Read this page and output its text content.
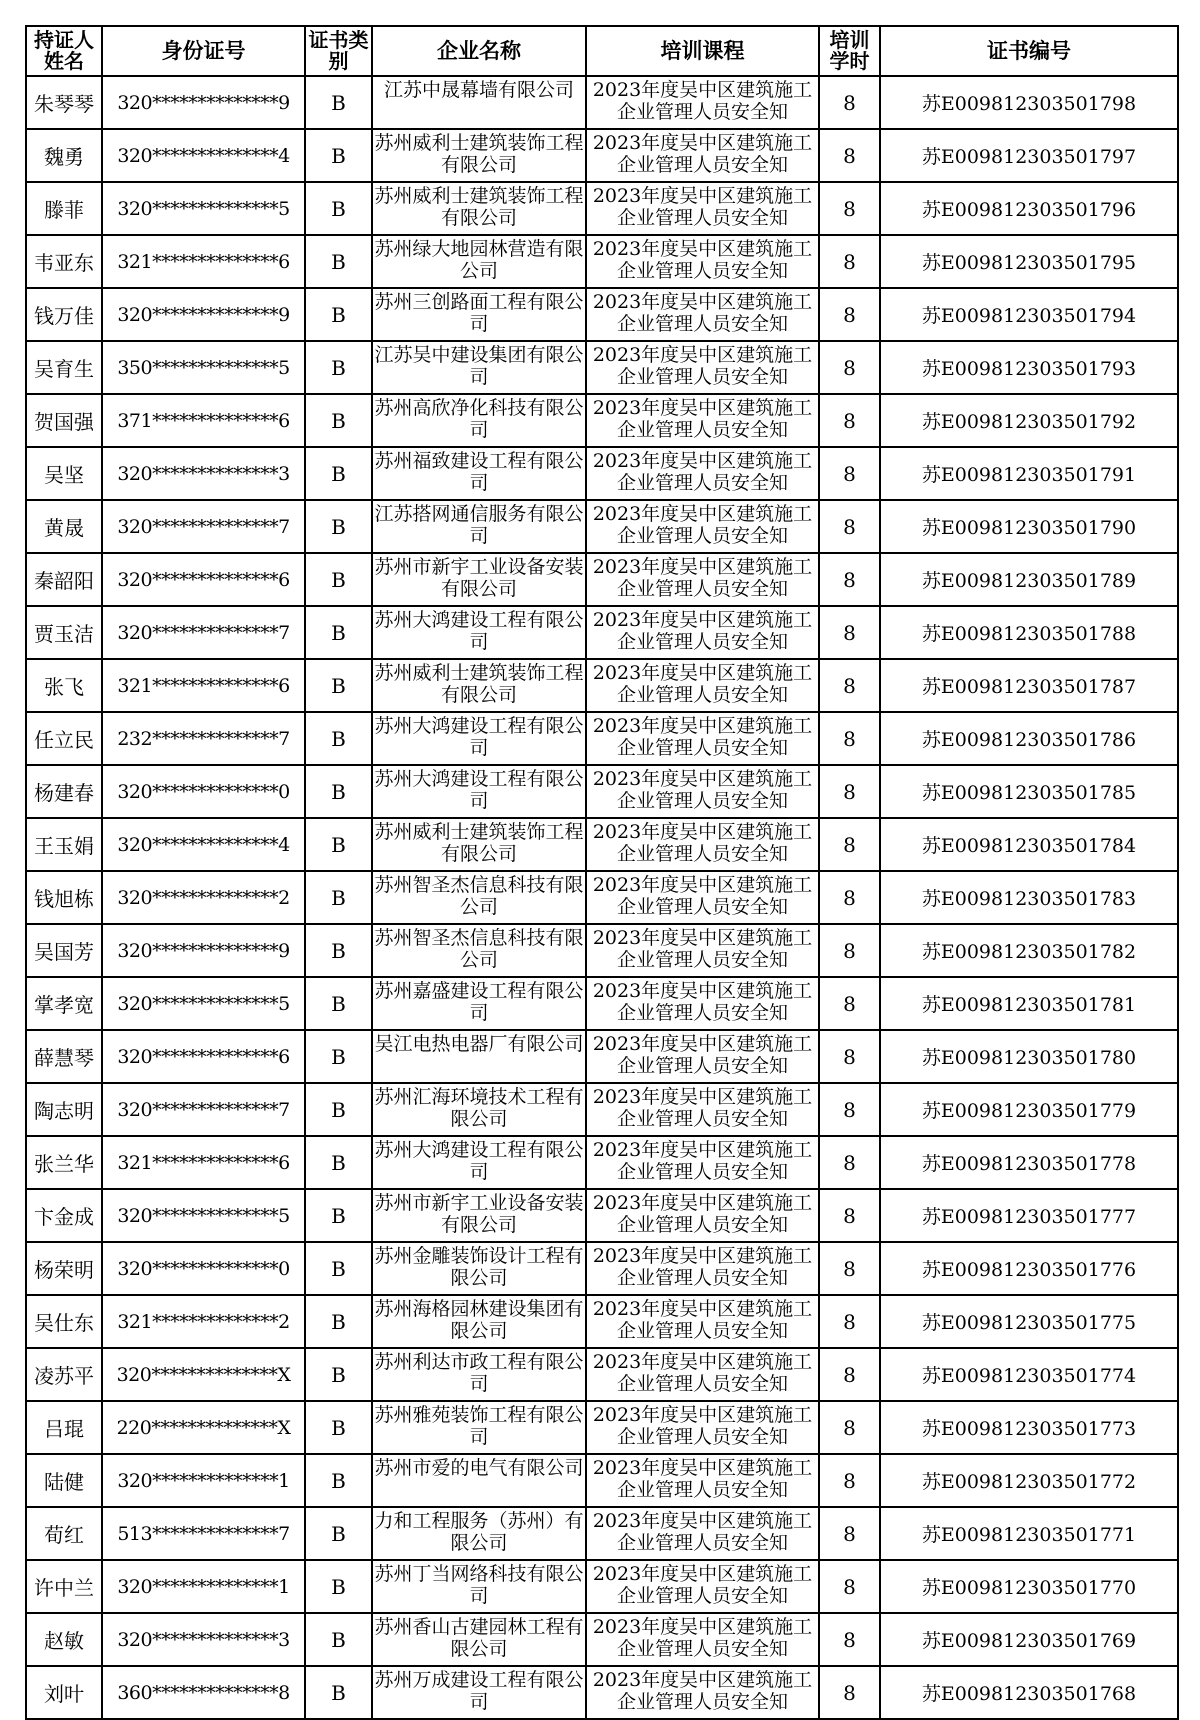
持证人姓名	身份证号	证书类别	企业名称	培训课程	培训学时	证书编号
朱琴琴	320**************9	B	江苏中晟幕墙有限公司	2023年度吴中区建筑施工企业管理人员安全知	8	苏E009812303501798
魏勇	320**************4	B	苏州威利士建筑装饰工程有限公司	2023年度吴中区建筑施工企业管理人员安全知	8	苏E009812303501797
滕菲	320**************5	B	苏州威利士建筑装饰工程有限公司	2023年度吴中区建筑施工企业管理人员安全知	8	苏E009812303501796
韦亚东	321**************6	B	苏州绿大地园林营造有限公司	2023年度吴中区建筑施工企业管理人员安全知	8	苏E009812303501795
钱万佳	320**************9	B	苏州三创路面工程有限公司	2023年度吴中区建筑施工企业管理人员安全知	8	苏E009812303501794
吴育生	350**************5	B	江苏吴中建设集团有限公司	2023年度吴中区建筑施工企业管理人员安全知	8	苏E009812303501793
贺国强	371**************6	B	苏州高欣净化科技有限公司	2023年度吴中区建筑施工企业管理人员安全知	8	苏E009812303501792
吴坚	320**************3	B	苏州福致建设工程有限公司	2023年度吴中区建筑施工企业管理人员安全知	8	苏E009812303501791
黄晟	320**************7	B	江苏搭网通信服务有限公司	2023年度吴中区建筑施工企业管理人员安全知	8	苏E009812303501790
秦韶阳	320**************6	B	苏州市新宇工业设备安装有限公司	2023年度吴中区建筑施工企业管理人员安全知	8	苏E009812303501789
贾玉洁	320**************7	B	苏州大鸿建设工程有限公司	2023年度吴中区建筑施工企业管理人员安全知	8	苏E009812303501788
张飞	321**************6	B	苏州威利士建筑装饰工程有限公司	2023年度吴中区建筑施工企业管理人员安全知	8	苏E009812303501787
任立民	232**************7	B	苏州大鸿建设工程有限公司	2023年度吴中区建筑施工企业管理人员安全知	8	苏E009812303501786
杨建春	320**************0	B	苏州大鸿建设工程有限公司	2023年度吴中区建筑施工企业管理人员安全知	8	苏E009812303501785
王玉娟	320**************4	B	苏州威利士建筑装饰工程有限公司	2023年度吴中区建筑施工企业管理人员安全知	8	苏E009812303501784
钱旭栋	320**************2	B	苏州智圣杰信息科技有限公司	2023年度吴中区建筑施工企业管理人员安全知	8	苏E009812303501783
吴国芳	320**************9	B	苏州智圣杰信息科技有限公司	2023年度吴中区建筑施工企业管理人员安全知	8	苏E009812303501782
掌孝宽	320**************5	B	苏州嘉盛建设工程有限公司	2023年度吴中区建筑施工企业管理人员安全知	8	苏E009812303501781
薛慧琴	320**************6	B	吴江电热电器厂有限公司	2023年度吴中区建筑施工企业管理人员安全知	8	苏E009812303501780
陶志明	320**************7	B	苏州汇海环境技术工程有限公司	2023年度吴中区建筑施工企业管理人员安全知	8	苏E009812303501779
张兰华	321**************6	B	苏州大鸿建设工程有限公司	2023年度吴中区建筑施工企业管理人员安全知	8	苏E009812303501778
卞金成	320**************5	B	苏州市新宇工业设备安装有限公司	2023年度吴中区建筑施工企业管理人员安全知	8	苏E009812303501777
杨荣明	320**************0	B	苏州金雕装饰设计工程有限公司	2023年度吴中区建筑施工企业管理人员安全知	8	苏E009812303501776
吴仕东	321**************2	B	苏州海格园林建设集团有限公司	2023年度吴中区建筑施工企业管理人员安全知	8	苏E009812303501775
凌苏平	320**************X	B	苏州利达市政工程有限公司	2023年度吴中区建筑施工企业管理人员安全知	8	苏E009812303501774
吕琨	220**************X	B	苏州雅苑装饰工程有限公司	2023年度吴中区建筑施工企业管理人员安全知	8	苏E009812303501773
陆健	320**************1	B	苏州市爱的电气有限公司	2023年度吴中区建筑施工企业管理人员安全知	8	苏E009812303501772
荀红	513**************7	B	力和工程服务（苏州）有限公司	2023年度吴中区建筑施工企业管理人员安全知	8	苏E009812303501771
许中兰	320**************1	B	苏州丁当网络科技有限公司	2023年度吴中区建筑施工企业管理人员安全知	8	苏E009812303501770
赵敏	320**************3	B	苏州香山古建园林工程有限公司	2023年度吴中区建筑施工企业管理人员安全知	8	苏E009812303501769
刘叶	360**************8	B	苏州万成建设工程有限公司	2023年度吴中区建筑施工企业管理人员安全知	8	苏E009812303501768
